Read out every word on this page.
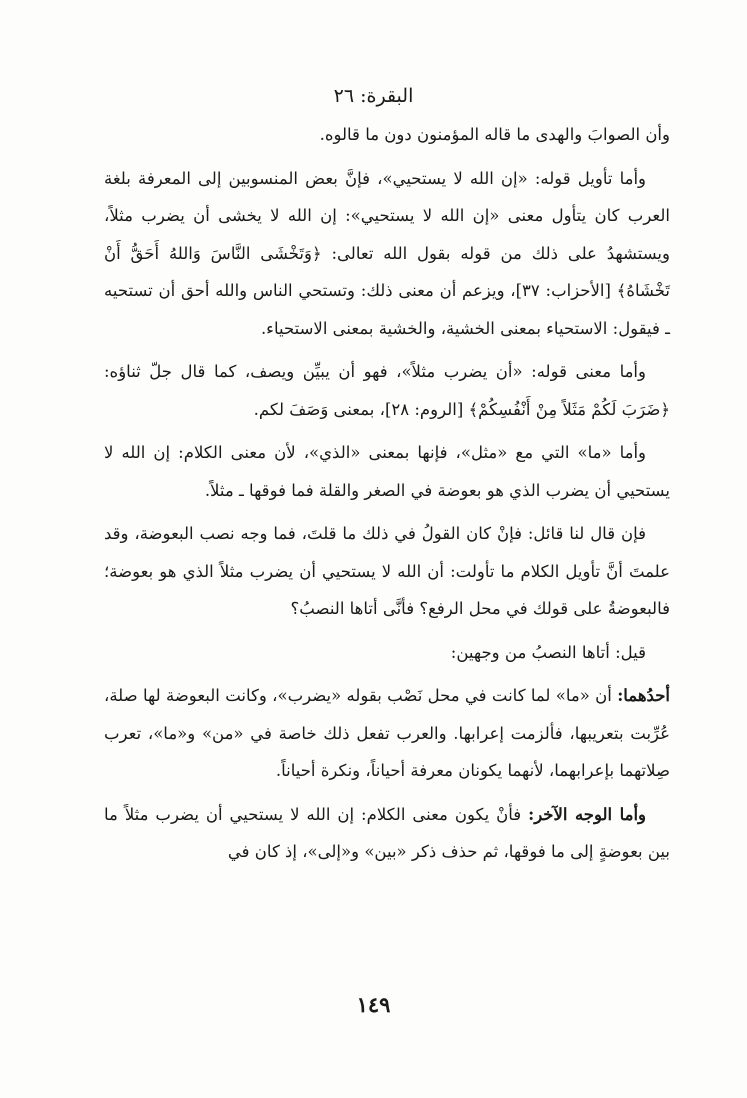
البقرة: ٢٦

وأن الصوابَ والهدى ما قاله المؤمنون دون ما قالوه.

وأما تأويل قوله: «إن الله لا يستحيي»، فإنَّ بعض المنسوبين إلى المعرفة بلغة العرب كان يتأول معنى «إن الله لا يستحيي»: إن الله لا يخشى أن يضرب مثلاً، ويستشهدُ على ذلك من قوله بقول الله تعالى: ﴿وَتَخْشَى النَّاسَ وَاللهُ أَحَقُّ أَنْ تَخْشَاهُ﴾ [الأحزاب: ٣٧]، ويزعم أن معنى ذلك: وتستحي الناس والله أحق أن تستحيه ـ فيقول: الاستحياء بمعنى الخشية، والخشية بمعنى الاستحياء.

وأما معنى قوله: «أن يضرب مثلاً»، فهو أن يبيِّن ويصف، كما قال جلّ ثناؤه: ﴿ضَرَبَ لَكُمْ مَثَلاً مِنْ أَنْفُسِكُمْ﴾ [الروم: ٢٨]، بمعنى وَصَفَ لكم.

وأما «ما» التي مع «مثل»، فإنها بمعنى «الذي»، لأن معنى الكلام: إن الله لا يستحيي أن يضرب الذي هو بعوضة في الصغر والقلة فما فوقها ـ مثلاً.

فإن قال لنا قائل: فإنْ كان القولُ في ذلك ما قلتَ، فما وجه نصب البعوضة، وقد علمتَ أنَّ تأويل الكلام ما تأولت: أن الله لا يستحيي أن يضرب مثلاً الذي هو بعوضة؛ فالبعوضةُ على قولك في محل الرفع؟ فأنَّى أتاها النصبُ؟

قيل: أتاها النصبُ من وجهين:

أحدُهما: أن «ما» لما كانت في محل نَصْب بقوله «يضرب»، وكانت البعوضة لها صلة، عُرِّبت بتعريبها، فألزمت إعرابها. والعرب تفعل ذلك خاصة في «من» و«ما»، تعرب صِلاتهما بإعرابهما، لأنهما يكونان معرفة أحياناً، ونكرة أحياناً.

وأما الوجه الآخر: فأنْ يكون معنى الكلام: إن الله لا يستحيي أن يضرب مثلاً ما بين بعوضةٍ إلى ما فوقها، ثم حذف ذكر «بين» و«إلى»، إذ كان في

١٤٩
